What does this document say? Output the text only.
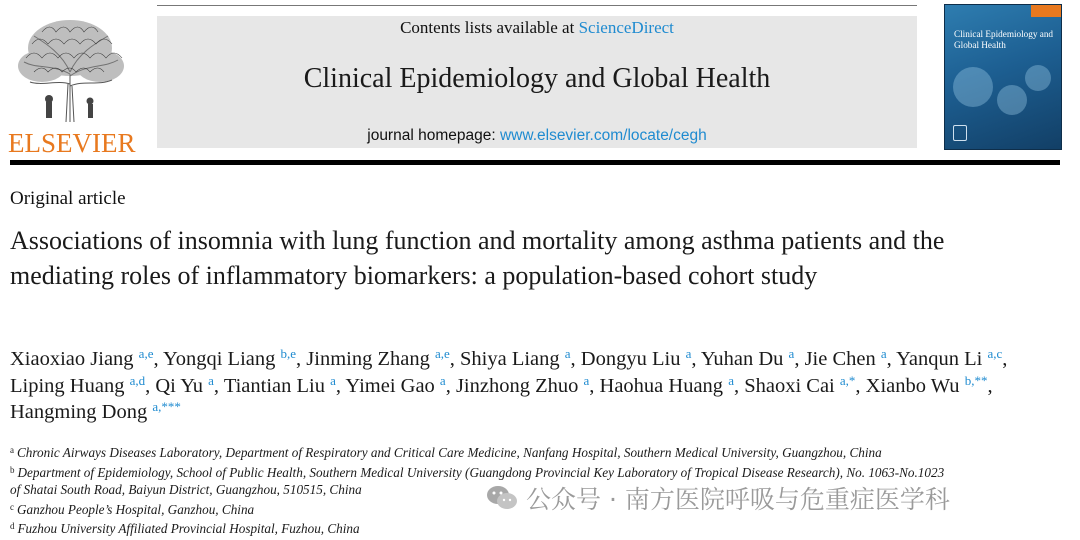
ELSEVIER
Contents lists available at ScienceDirect
Clinical Epidemiology and Global Health
journal homepage: www.elsevier.com/locate/cegh
Clinical Epidemiology and Global Health
Original article
Associations of insomnia with lung function and mortality among asthma patients and the mediating roles of inflammatory biomarkers: a population-based cohort study
Xiaoxiao Jiang $^{a,e}$, Yongqi Liang $^{b,e}$, Jinming Zhang $^{a,e}$, Shiya Liang $^a$, Dongyu Liu $^a$, Yuhan Du $^a$, Jie Chen $^a$, Yanqun Li $^{a,c}$, Liping Huang $^{a,d}$, Qi Yu $^a$, Tiantian Liu $^a$, Yimei Gao $^a$, Jinzhong Zhuo $^a$, Haohua Huang $^a$, Shaoxi Cai $^{a,*}$, Xianbo Wu $^{b,**}$, Hangming Dong $^{a,***}$
$^a$ Chronic Airways Diseases Laboratory, Department of Respiratory and Critical Care Medicine, Nanfang Hospital, Southern Medical University, Guangzhou, China
$^b$ Department of Epidemiology, School of Public Health, Southern Medical University (Guangdong Provincial Key Laboratory of Tropical Disease Research), No. 1063-No.1023 of Shatai South Road, Baiyun District, Guangzhou, 510515, China
$^c$ Ganzhou People’s Hospital, Ganzhou, China
$^d$ Fuzhou University Affiliated Provincial Hospital, Fuzhou, China
公众号 · 南方医院呼吸与危重症医学科
